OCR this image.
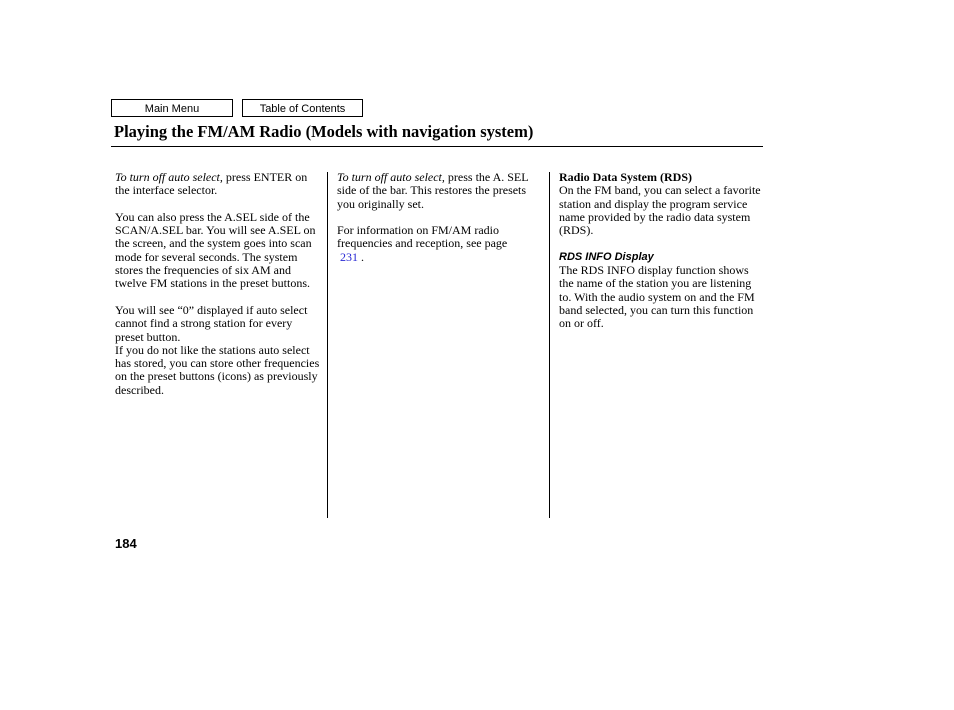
Main Menu	Table of Contents
Playing the FM/AM Radio (Models with navigation system)

To turn off auto select, press ENTER on the interface selector.

You can also press the A.SEL side of the SCAN/A.SEL bar. You will see A.SEL on the screen, and the system goes into scan mode for several seconds. The system stores the frequencies of six AM and twelve FM stations in the preset buttons.

You will see “0” displayed if auto select cannot find a strong station for every preset button.

If you do not like the stations auto select has stored, you can store other frequencies on the preset buttons (icons) as previously described.

To turn off auto select, press the A. SEL side of the bar. This restores the presets you originally set.

For information on FM/AM radio frequencies and reception, see page
231 .

Radio Data System (RDS)

On the FM band, you can select a favorite station and display the program service name provided by the radio data system (RDS).

RDS INFO Display

The RDS INFO display function shows the name of the station you are listening to. With the audio system on and the FM band selected, you can turn this function on or off.

184
